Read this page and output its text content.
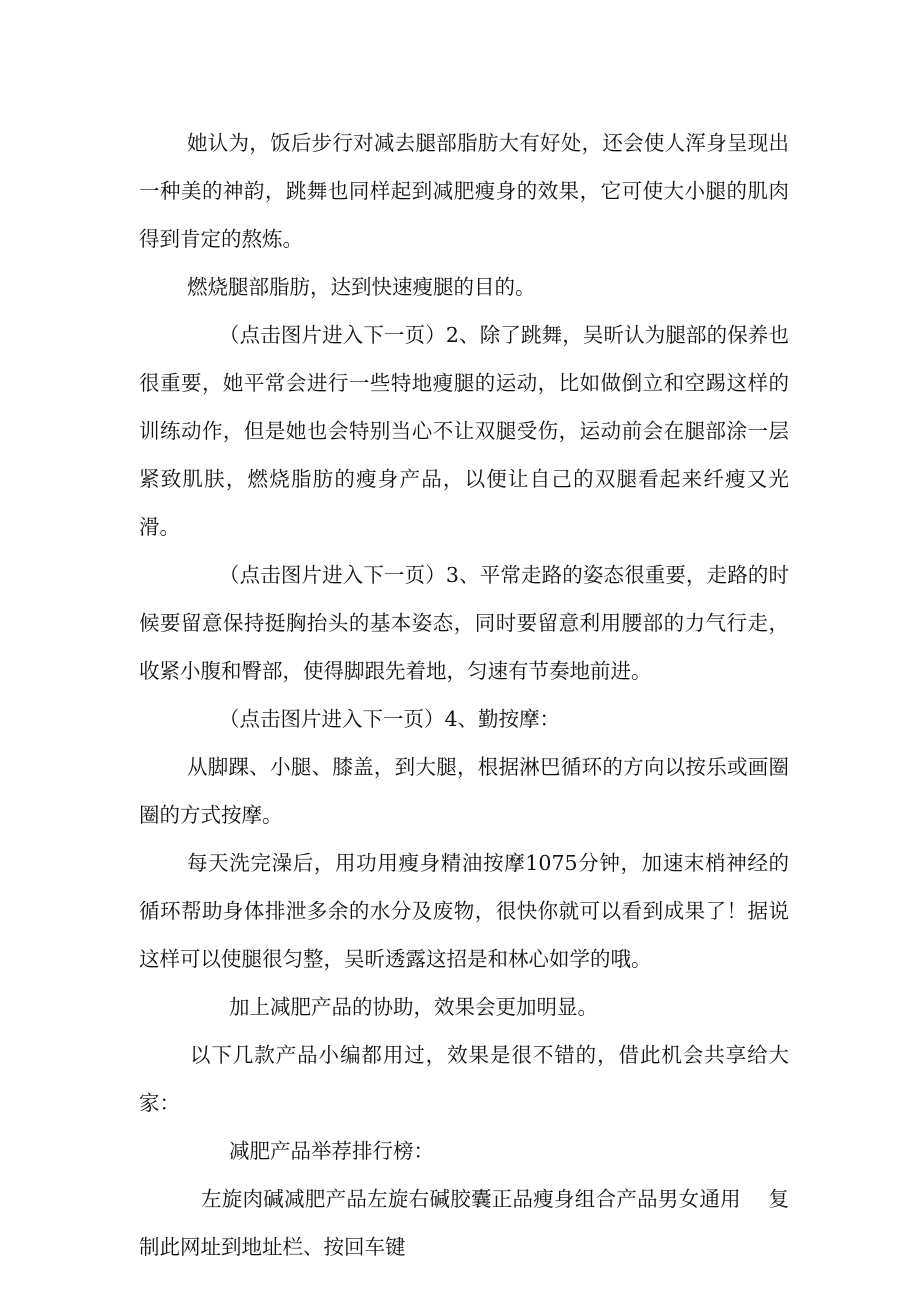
她认为，饭后步行对减去腿部脂肪大有好处，还会使人浑身呈现出一种美的神韵，跳舞也同样起到减肥瘦身的效果，它可使大小腿的肌肉得到肯定的熬炼。

燃烧腿部脂肪，达到快速瘦腿的目的。

（点击图片进入下一页）2、除了跳舞，吴昕认为腿部的保养也很重要，她平常会进行一些特地瘦腿的运动，比如做倒立和空踢这样的训练动作，但是她也会特别当心不让双腿受伤，运动前会在腿部涂一层紧致肌肤，燃烧脂肪的瘦身产品，以便让自己的双腿看起来纤瘦又光滑。

（点击图片进入下一页）3、平常走路的姿态很重要，走路的时候要留意保持挺胸抬头的基本姿态，同时要留意利用腰部的力气行走，收紧小腹和臀部，使得脚跟先着地，匀速有节奏地前进。

（点击图片进入下一页）4、勤按摩：

从脚踝、小腿、膝盖，到大腿，根据淋巴循环的方向以按乐或画圈圈的方式按摩。

每天洗完澡后，用功用瘦身精油按摩1075分钟，加速末梢神经的循环帮助身体排泄多余的水分及废物，很快你就可以看到成果了！据说这样可以使腿很匀整，吴昕透露这招是和林心如学的哦。

加上减肥产品的协助，效果会更加明显。

以下几款产品小编都用过，效果是很不错的，借此机会共享给大家：

减肥产品举荐排行榜：

左旋肉碱减肥产品左旋右碱胶囊正品瘦身组合产品男女通用　 复制此网址到地址栏、按回车键
